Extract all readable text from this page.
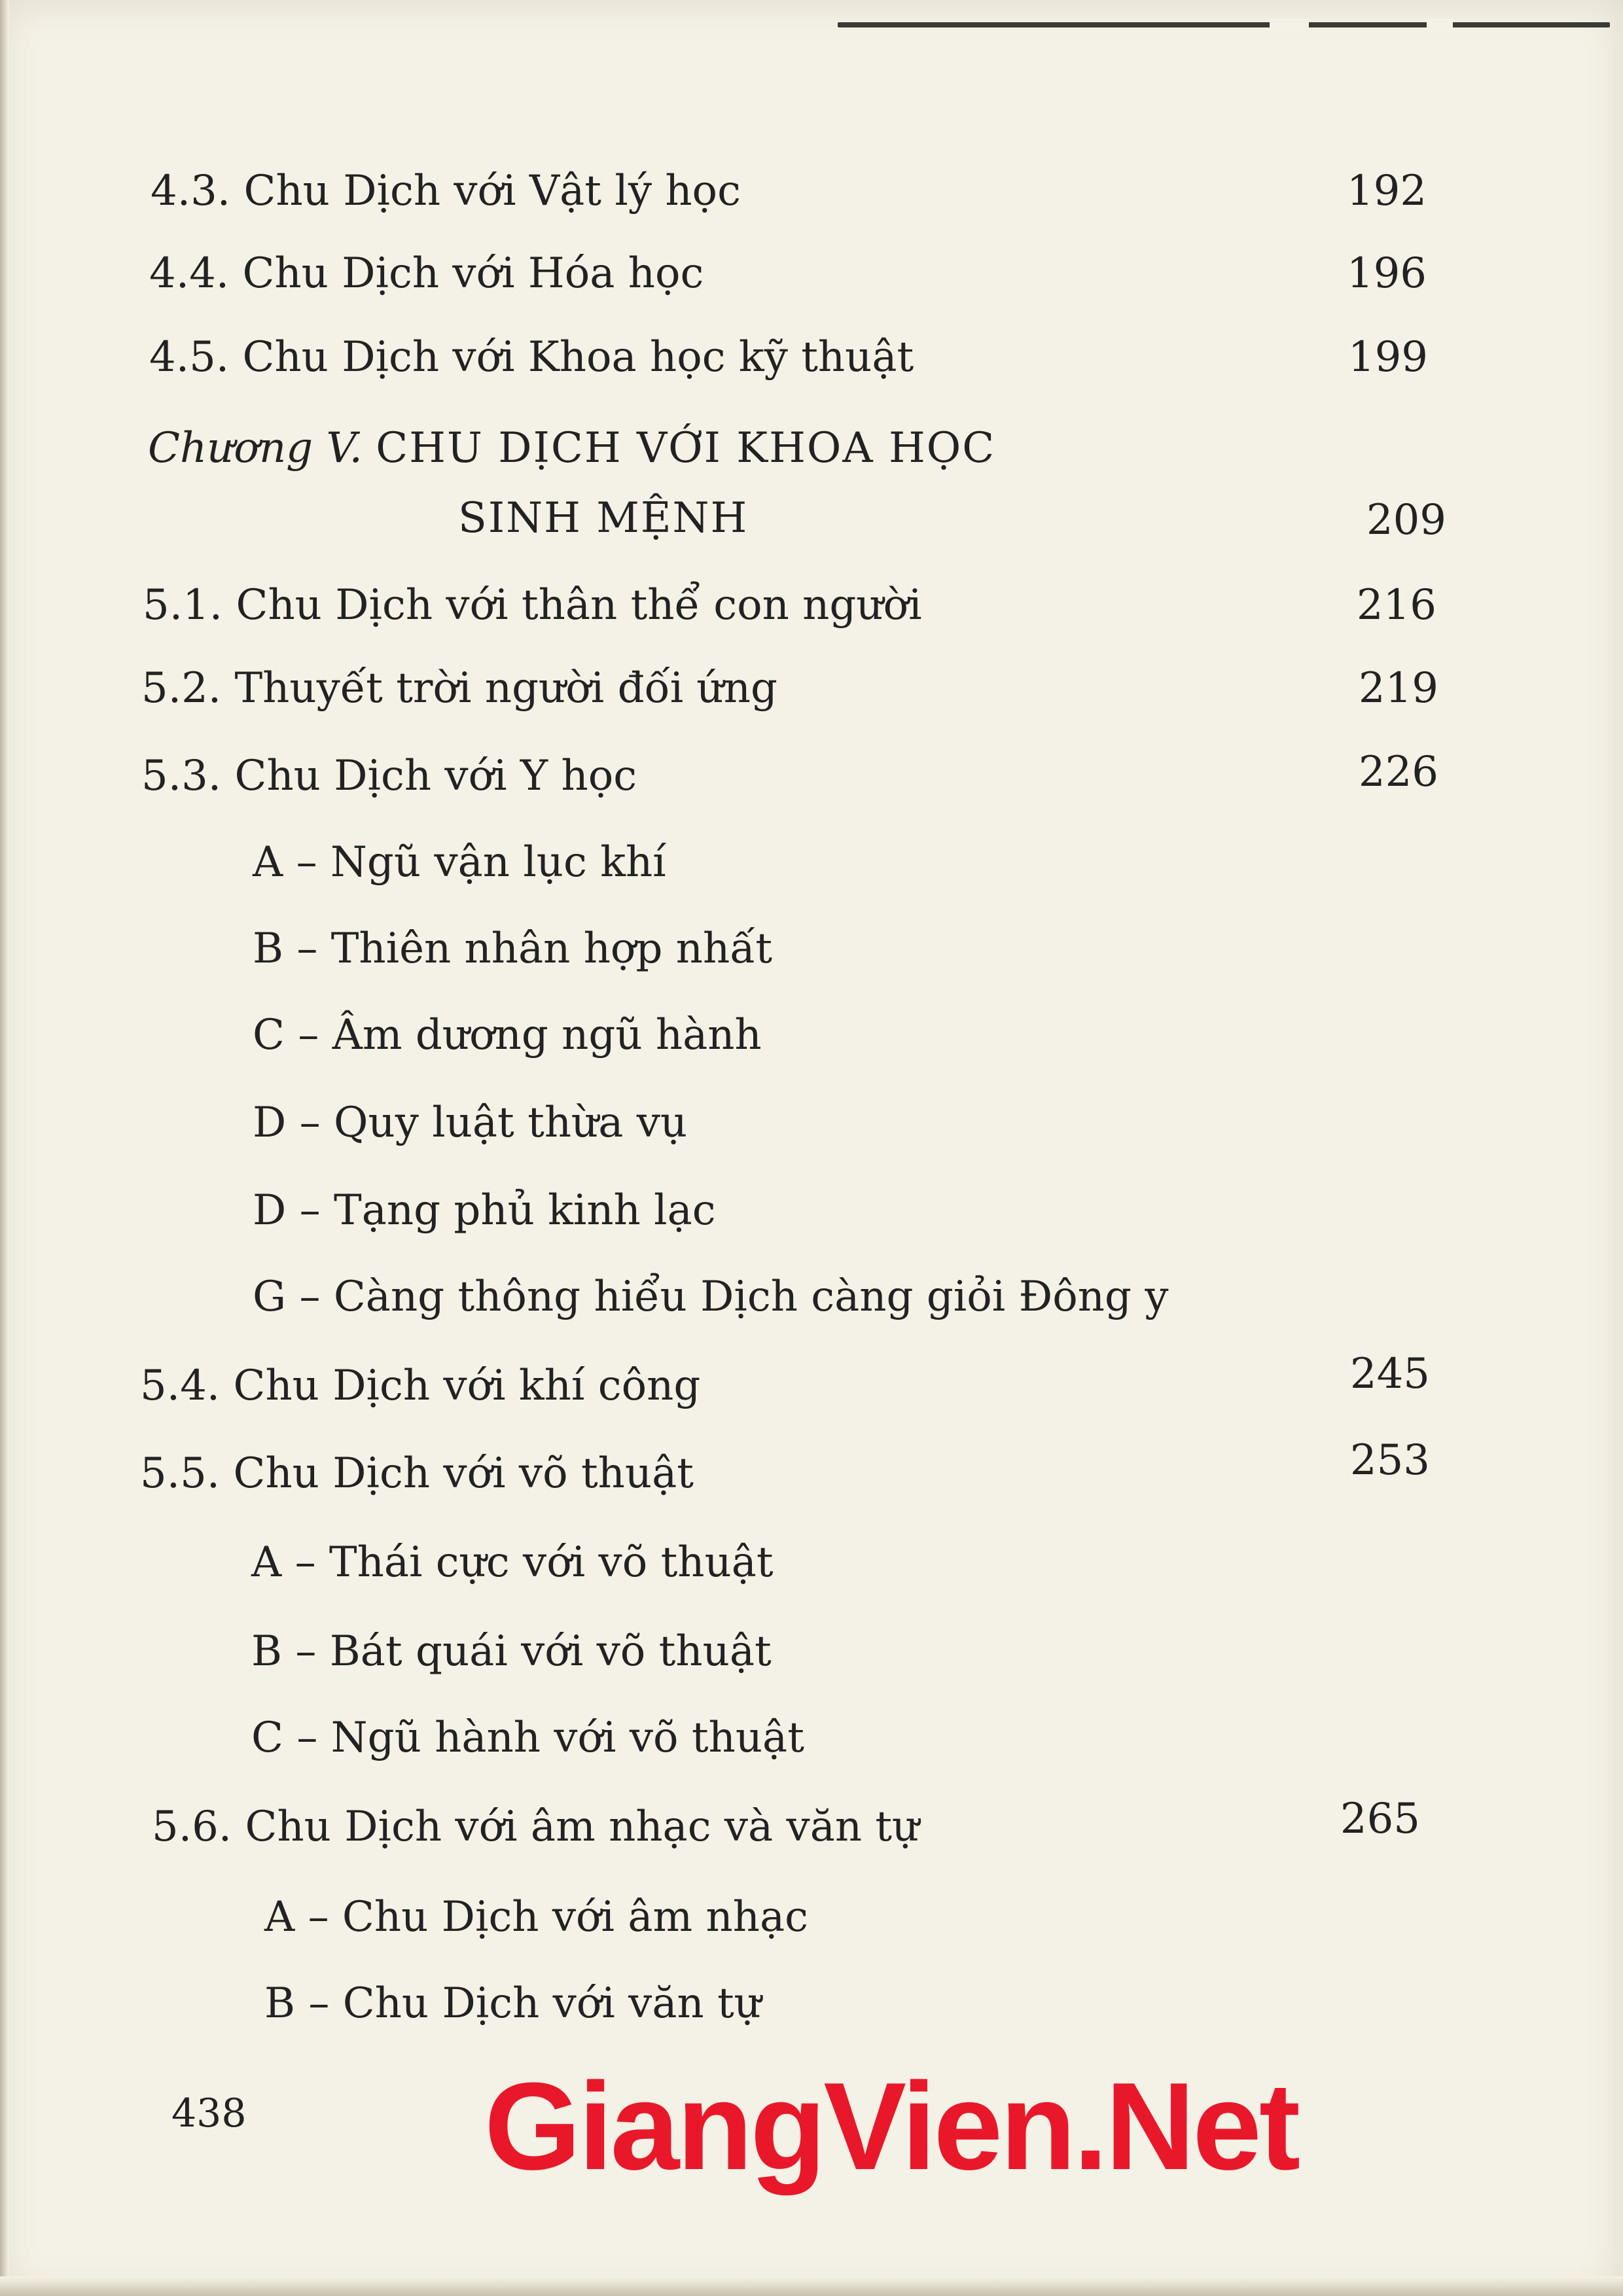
4.3. Chu Dịch với Vật lý học	192

4.4. Chu Dịch với Hóa học	196

4.5. Chu Dịch với Khoa học kỹ thuật	199

Chương V. CHU DỊCH VỚI KHOA HỌC

SINH MỆNH	209

5.1. Chu Dịch với thân thể con người	216

5.2. Thuyết trời người đối ứng	219

5.3. Chu Dịch với Y học	226

A – Ngũ vận lục khí

B – Thiên nhân hợp nhất

C – Âm dương ngũ hành

D – Quy luật thừa vụ

D – Tạng phủ kinh lạc

G – Càng thông hiểu Dịch càng giỏi Đông y

5.4. Chu Dịch với khí công	245

5.5. Chu Dịch với võ thuật	253

A – Thái cực với võ thuật

B – Bát quái với võ thuật

C – Ngũ hành với võ thuật

5.6. Chu Dịch với âm nhạc và văn tự	265

A – Chu Dịch với âm nhạc

B – Chu Dịch với văn tự

438 GiangVien.Net
